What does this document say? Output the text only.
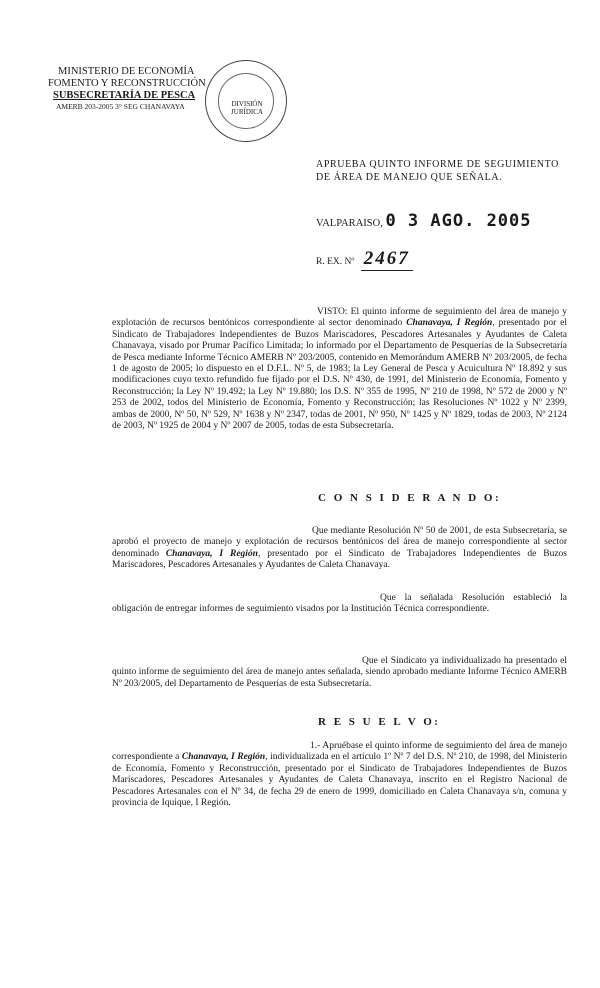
MINISTERIO DE ECONOMÍA
FOMENTO Y RECONSTRUCCIÓN
SUBSECRETARÍA DE PESCA
AMERB 203-2005 3° SEG CHANAVAYA	DIVISIÓN JURÍDICA
APRUEBA QUINTO INFORME DE SEGUIMIENTO DE ÁREA DE MANEJO QUE SEÑALA.
VALPARAISO, 0 3 AGO. 2005
R. EX. Nº 2467
VISTO: El quinto informe de seguimiento del área de manejo y explotación de recursos bentónicos correspondiente al sector denominado Chanavaya, I Región, presentado por el Sindicato de Trabajadores Independientes de Buzos Mariscadores, Pescadores Artesanales y Ayudantes de Caleta Chanavaya, visado por Prumar Pacífico Limitada; lo informado por el Departamento de Pesquerías de la Subsecretaría de Pesca mediante Informe Técnico AMERB Nº 203/2005, contenido en Memorándum AMERB Nº 203/2005, de fecha 1 de agosto de 2005; lo dispuesto en el D.F.L. Nº 5, de 1983; la Ley General de Pesca y Acuicultura Nº 18.892 y sus modificaciones cuyo texto refundido fue fijado por el D.S. Nº 430, de 1991, del Ministerio de Economía, Fomento y Reconstrucción; la Ley Nº 19.492; la Ley Nº 19.880; los D.S. Nº 355 de 1995, Nº 210 de 1998, Nº 572 de 2000 y Nº 253 de 2002, todos del Ministerio de Economía, Fomento y Reconstrucción; las Resoluciones Nº 1022 y Nº 2399, ambas de 2000, Nº 50, Nº 529, Nº 1638 y Nº 2347, todas de 2001, Nº 950, Nº 1425 y Nº 1829, todas de 2003, Nº 2124 de 2003, Nº 1925 de 2004 y Nº 2007 de 2005, todas de esta Subsecretaría.
C O N S I D E R A N D O:
Que mediante Resolución Nº 50 de 2001, de esta Subsecretaría, se aprobó el proyecto de manejo y explotación de recursos bentónicos del área de manejo correspondiente al sector denominado Chanavaya, I Región, presentado por el Sindicato de Trabajadores Independientes de Buzos Mariscadores, Pescadores Artesanales y Ayudantes de Caleta Chanavaya.
Que la señalada Resolución estableció la obligación de entregar informes de seguimiento visados por la Institución Técnica correspondiente.
Que el Sindicato ya individualizado ha presentado el quinto informe de seguimiento del área de manejo antes señalada, siendo aprobado mediante Informe Técnico AMERB Nº 203/2005, del Departamento de Pesquerías de esta Subsecretaría.
R E S U E L V O:
1.- Apruébase el quinto informe de seguimiento del área de manejo correspondiente a Chanavaya, I Región, individualizada en el artículo 1º Nº 7 del D.S. Nº 210, de 1998, del Ministerio de Economía, Fomento y Reconstrucción, presentado por el Sindicato de Trabajadores Independientes de Buzos Mariscadores, Pescadores Artesanales y Ayudantes de Caleta Chanavaya, inscrito en el Registro Nacional de Pescadores Artesanales con el Nº 34, de fecha 29 de enero de 1999, domiciliado en Caleta Chanavaya s/n, comuna y provincia de Iquique, I Región.
